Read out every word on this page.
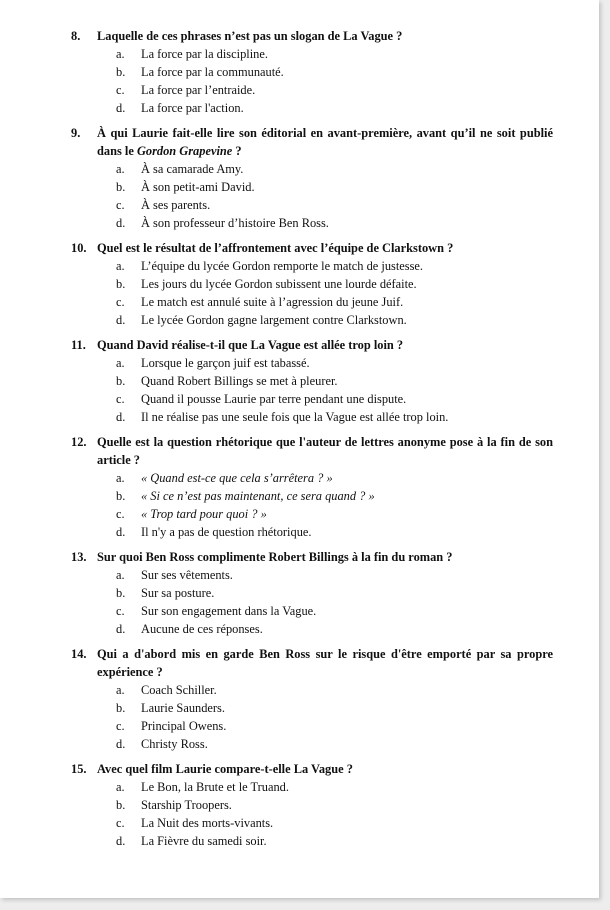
8. Laquelle de ces phrases n’est pas un slogan de La Vague ?
a. La force par la discipline.
b. La force par la communauté.
c. La force par l’entraide.
d. La force par l'action.
9. À qui Laurie fait-elle lire son éditorial en avant-première, avant qu’il ne soit publié dans le Gordon Grapevine ?
a. À sa camarade Amy.
b. À son petit-ami David.
c. À ses parents.
d. À son professeur d’histoire Ben Ross.
10. Quel est le résultat de l’affrontement avec l’équipe de Clarkstown ?
a. L’équipe du lycée Gordon remporte le match de justesse.
b. Les jours du lycée Gordon subissent une lourde défaite.
c. Le match est annulé suite à l’agression du jeune Juif.
d. Le lycée Gordon gagne largement contre Clarkstown.
11. Quand David réalise-t-il que La Vague est allée trop loin ?
a. Lorsque le garçon juif est tabassé.
b. Quand Robert Billings se met à pleurer.
c. Quand il pousse Laurie par terre pendant une dispute.
d. Il ne réalise pas une seule fois que la Vague est allée trop loin.
12. Quelle est la question rhétorique que l'auteur de lettres anonyme pose à la fin de son article ?
a. « Quand est-ce que cela s’arrêtera ? »
b. « Si ce n’est pas maintenant, ce sera quand ? »
c. « Trop tard pour quoi ? »
d. Il n'y a pas de question rhétorique.
13. Sur quoi Ben Ross complimente Robert Billings à la fin du roman ?
a. Sur ses vêtements.
b. Sur sa posture.
c. Sur son engagement dans la Vague.
d. Aucune de ces réponses.
14. Qui a d'abord mis en garde Ben Ross sur le risque d'être emporté par sa propre expérience ?
a. Coach Schiller.
b. Laurie Saunders.
c. Principal Owens.
d. Christy Ross.
15. Avec quel film Laurie compare-t-elle La Vague ?
a. Le Bon, la Brute et le Truand.
b. Starship Troopers.
c. La Nuit des morts-vivants.
d. La Fièvre du samedi soir.
